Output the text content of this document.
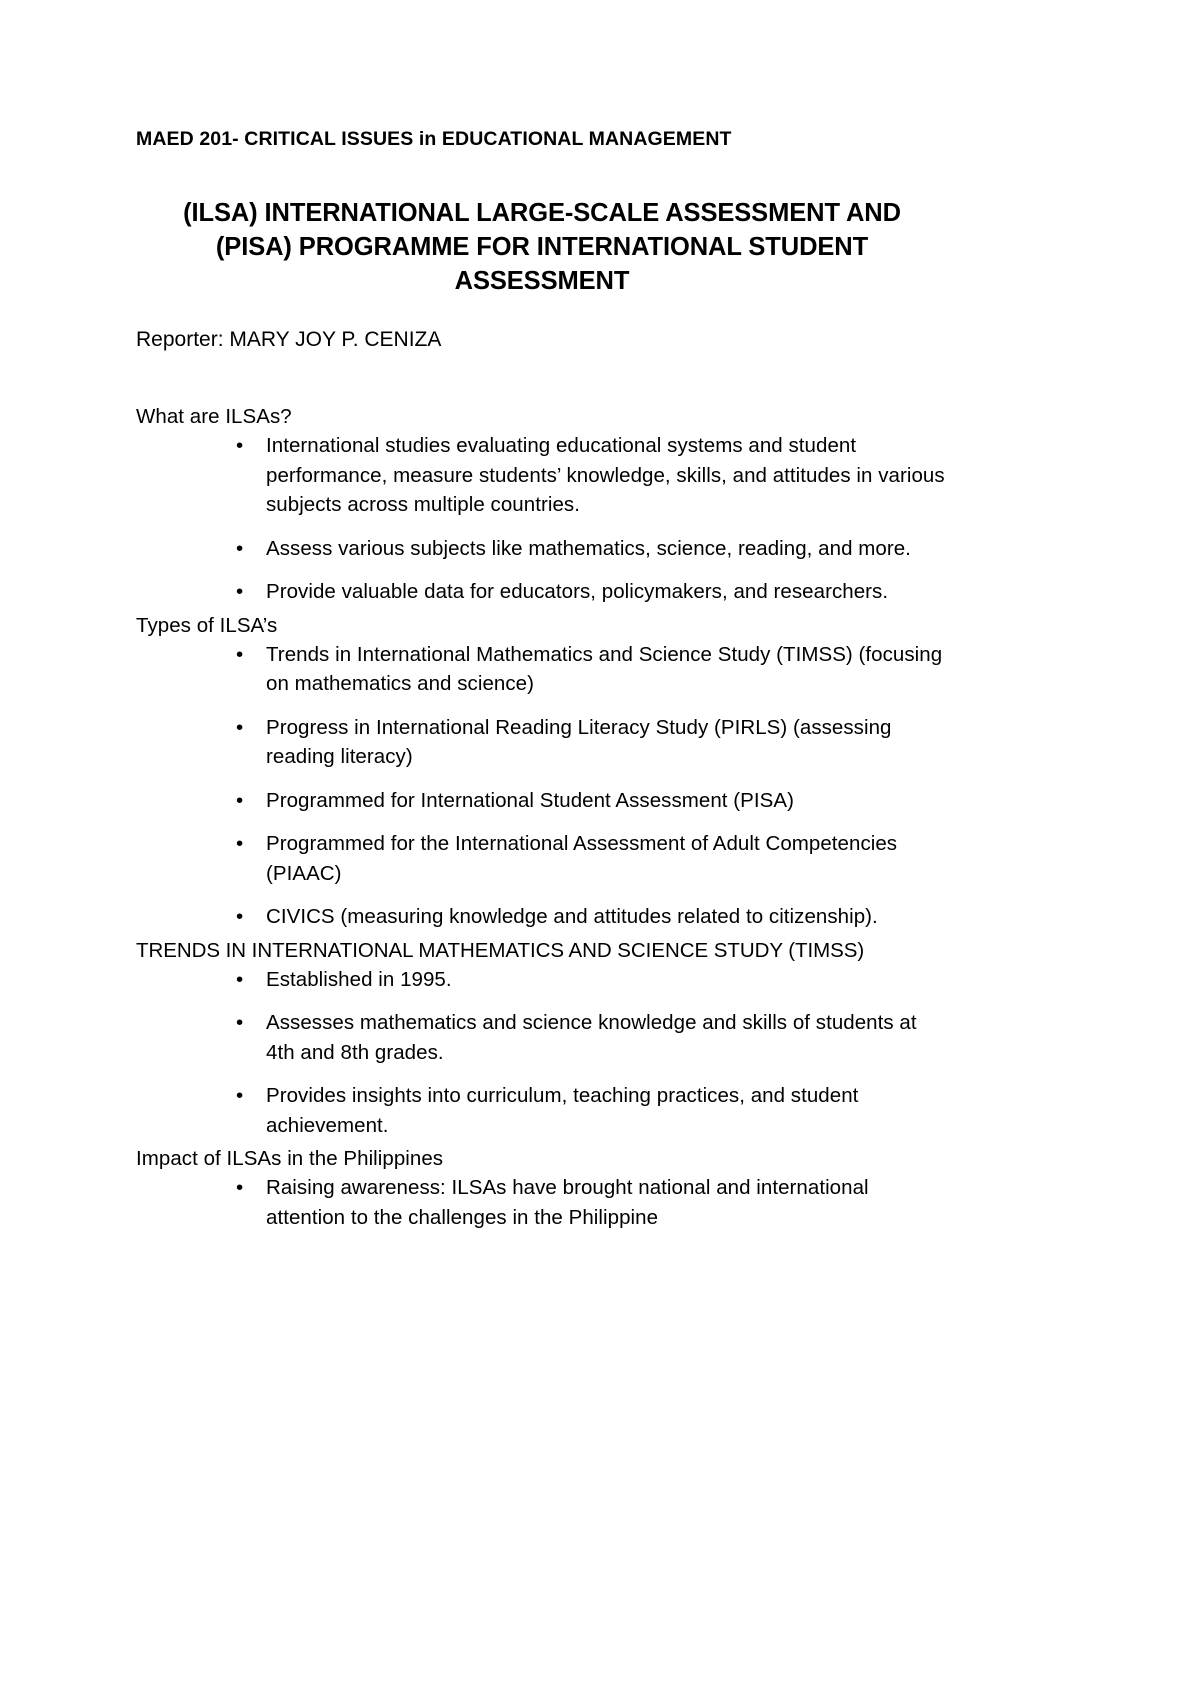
MAED 201- CRITICAL ISSUES in EDUCATIONAL MANAGEMENT

(ILSA) INTERNATIONAL LARGE-SCALE ASSESSMENT AND (PISA) PROGRAMME FOR INTERNATIONAL STUDENT ASSESSMENT

Reporter: MARY JOY P. CENIZA

What are ILSAs?

• International studies evaluating educational systems and student performance, measure students’ knowledge, skills, and attitudes in various subjects across multiple countries.
• Assess various subjects like mathematics, science, reading, and more.
• Provide valuable data for educators, policymakers, and researchers.

Types of ILSA’s

• Trends in International Mathematics and Science Study (TIMSS) (focusing on mathematics and science)
• Progress in International Reading Literacy Study (PIRLS) (assessing reading literacy)
• Programmed for International Student Assessment (PISA)
• Programmed for the International Assessment of Adult Competencies (PIAAC)
• CIVICS (measuring knowledge and attitudes related to citizenship).

TRENDS IN INTERNATIONAL MATHEMATICS AND SCIENCE STUDY (TIMSS)

• Established in 1995.
• Assesses mathematics and science knowledge and skills of students at 4th and 8th grades.
• Provides insights into curriculum, teaching practices, and student achievement.

Impact of ILSAs in the Philippines

• Raising awareness: ILSAs have brought national and international attention to the challenges in the Philippine
